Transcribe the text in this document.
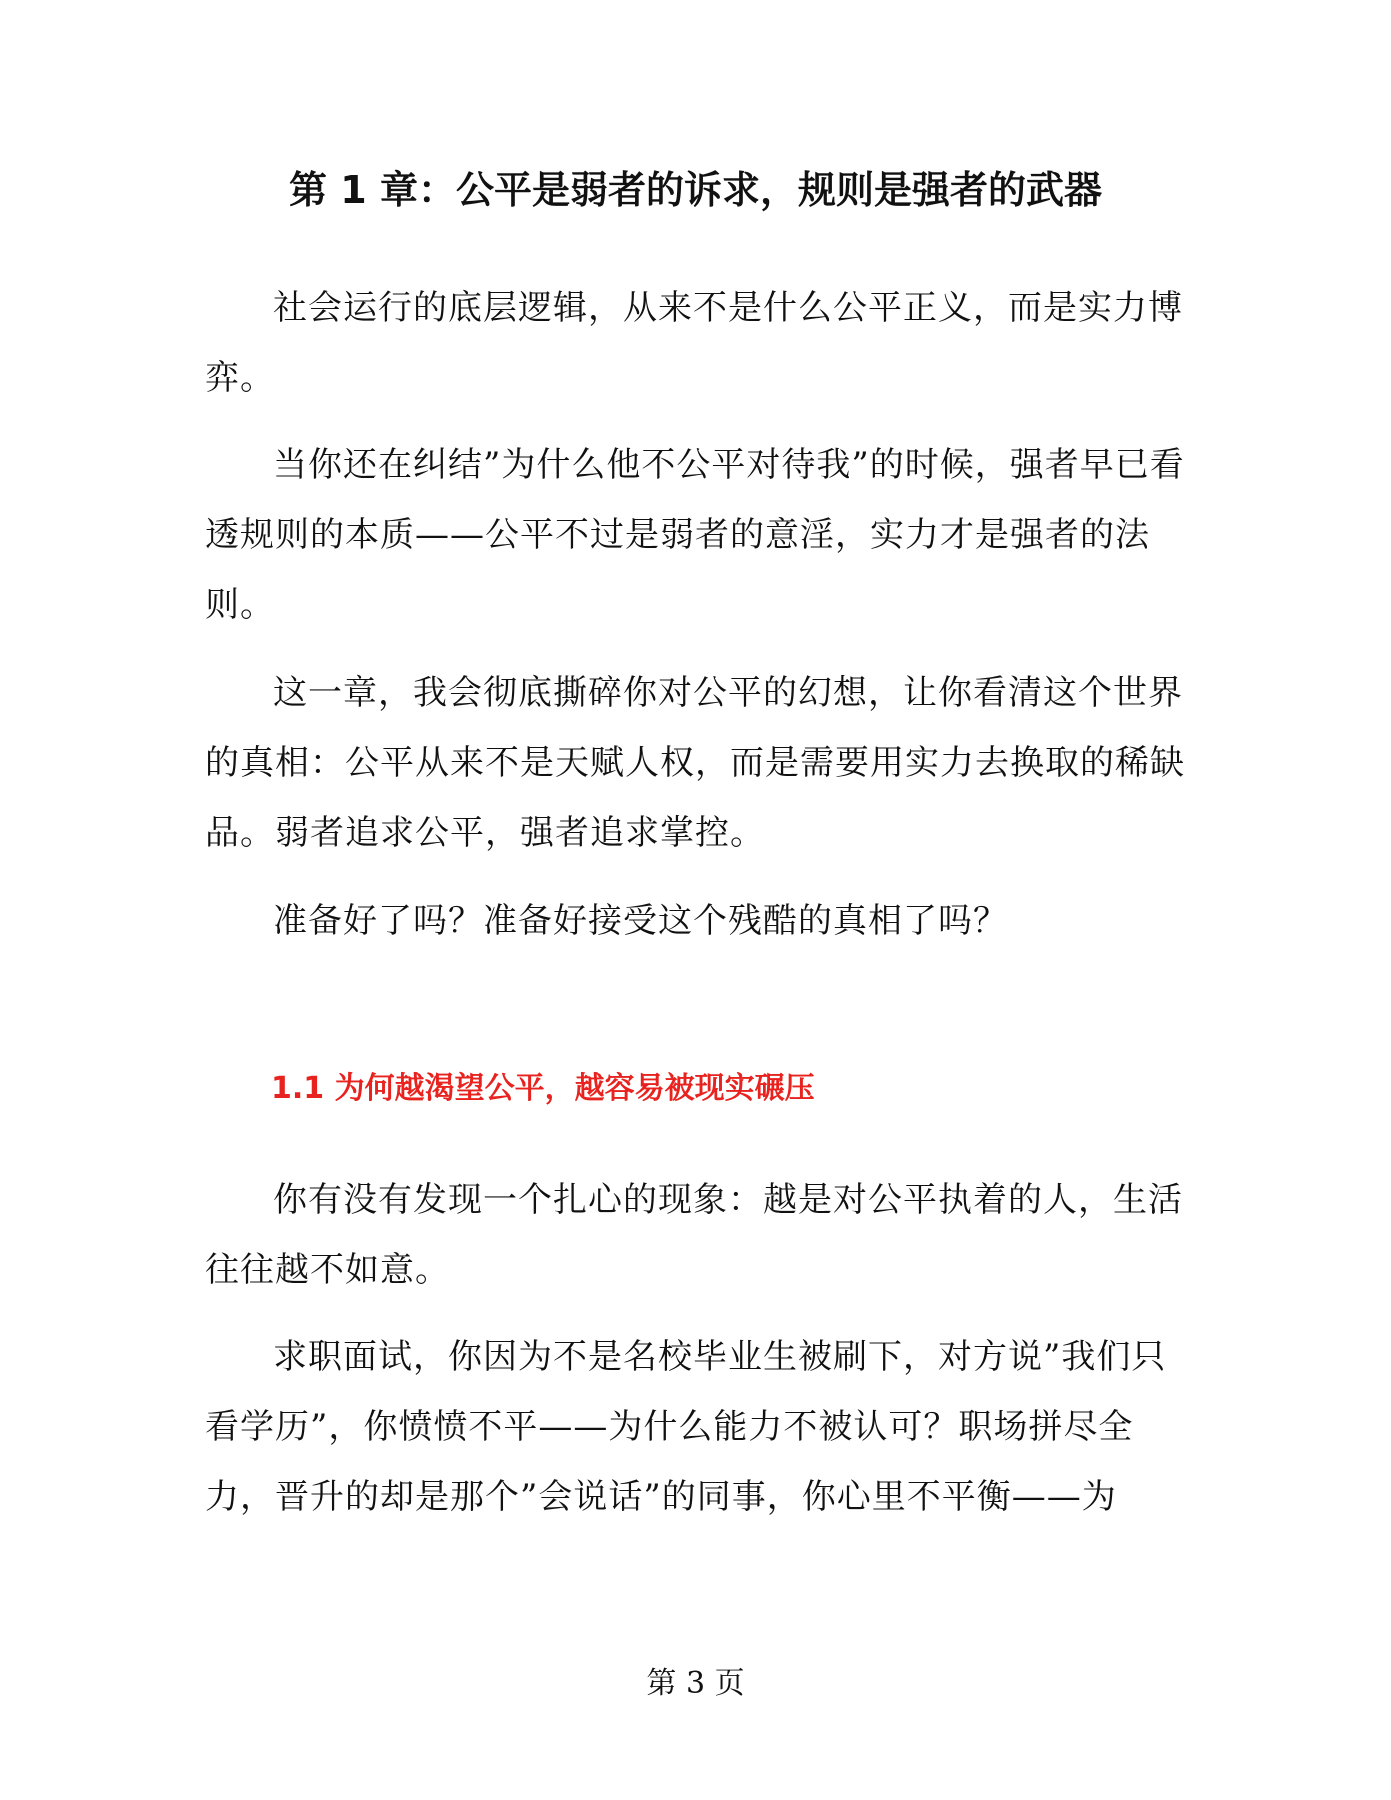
第 1 章：公平是弱者的诉求，规则是强者的武器

社会运行的底层逻辑，从来不是什么公平正义，而是实力博弈。

当你还在纠结”为什么他不公平对待我”的时候，强者早已看透规则的本质——公平不过是弱者的意淫，实力才是强者的法则。

这一章，我会彻底撕碎你对公平的幻想，让你看清这个世界的真相：公平从来不是天赋人权，而是需要用实力去换取的稀缺品。弱者追求公平，强者追求掌控。

准备好了吗？准备好接受这个残酷的真相了吗？

1.1 为何越渴望公平，越容易被现实碾压

你有没有发现一个扎心的现象：越是对公平执着的人，生活往往越不如意。

求职面试，你因为不是名校毕业生被刷下，对方说”我们只看学历”，你愤愤不平——为什么能力不被认可？职场拼尽全力，晋升的却是那个”会说话”的同事，你心里不平衡——为

第 3 页
